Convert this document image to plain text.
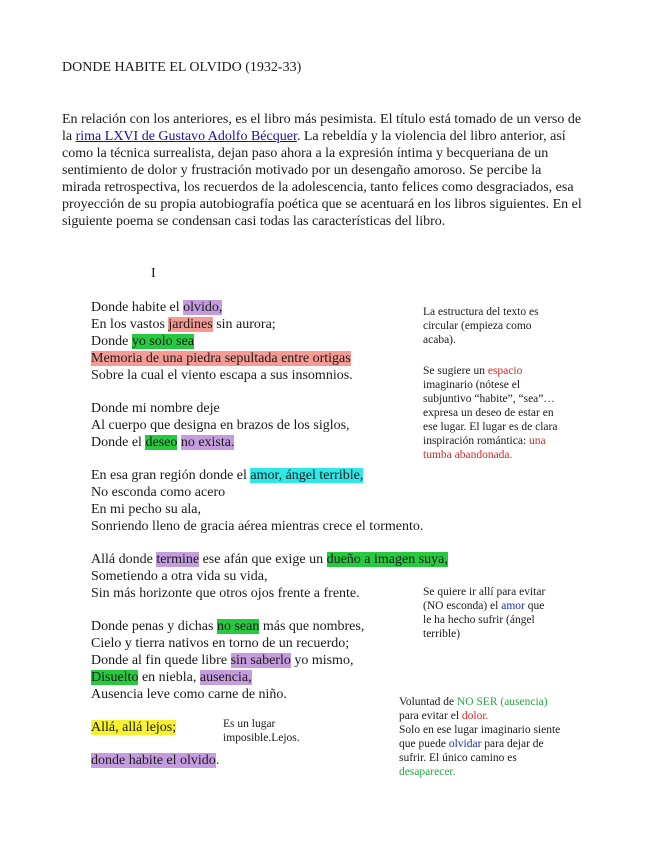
DONDE HABITE EL OLVIDO (1932-33)
En relación con los anteriores, es el libro más pesimista. El título está tomado de un verso de la rima LXVI de Gustavo Adolfo Bécquer. La rebeldía y la violencia del libro anterior, así como la técnica surrealista, dejan paso ahora a la expresión íntima y becqueriana de un sentimiento de dolor y frustración motivado por un desengaño amoroso. Se percibe la mirada retrospectiva, los recuerdos de la adolescencia, tanto felices como desgraciados, esa proyección de su propia autobiografía poética que se acentuará en los libros siguientes. En el siguiente poema se condensan casi todas las características del libro.
I
Donde habite el olvido,
En los vastos jardines sin aurora;
Donde yo solo sea
Memoria de una piedra sepultada entre ortigas
Sobre la cual el viento escapa a sus insomnios.
Donde mi nombre deje
Al cuerpo que designa en brazos de los siglos,
Donde el deseo no exista.
En esa gran región donde el amor, ángel terrible,
No esconda como acero
En mi pecho su ala,
Sonriendo lleno de gracia aérea mientras crece el tormento.
Allá donde termine ese afán que exige un dueño a imagen suya,
Sometiendo a otra vida su vida,
Sin más horizonte que otros ojos frente a frente.
Donde penas y dichas no sean más que nombres,
Cielo y tierra nativos en torno de un recuerdo;
Donde al fin quede libre sin saberlo yo mismo,
Disuelto en niebla, ausencia,
Ausencia leve como carne de niño.
Allá, allá lejos;
donde habite el olvido.
La estructura del texto es circular (empieza como acaba).
Se sugiere un espacio imaginario (nótese el subjuntivo “habite”, “sea”… expresa un deseo de estar en ese lugar. El lugar es de clara inspiración romántica: una tumba abandonada.
Se quiere ir allí para evitar (NO esconda) el amor que le ha hecho sufrir (ángel terrible)
Voluntad de NO SER (ausencia) para evitar el dolor.
Solo en ese lugar imaginario siente que puede olvidar para dejar de sufrir. El único camino es desaparecer.
Es un lugar imposible.Lejos.
